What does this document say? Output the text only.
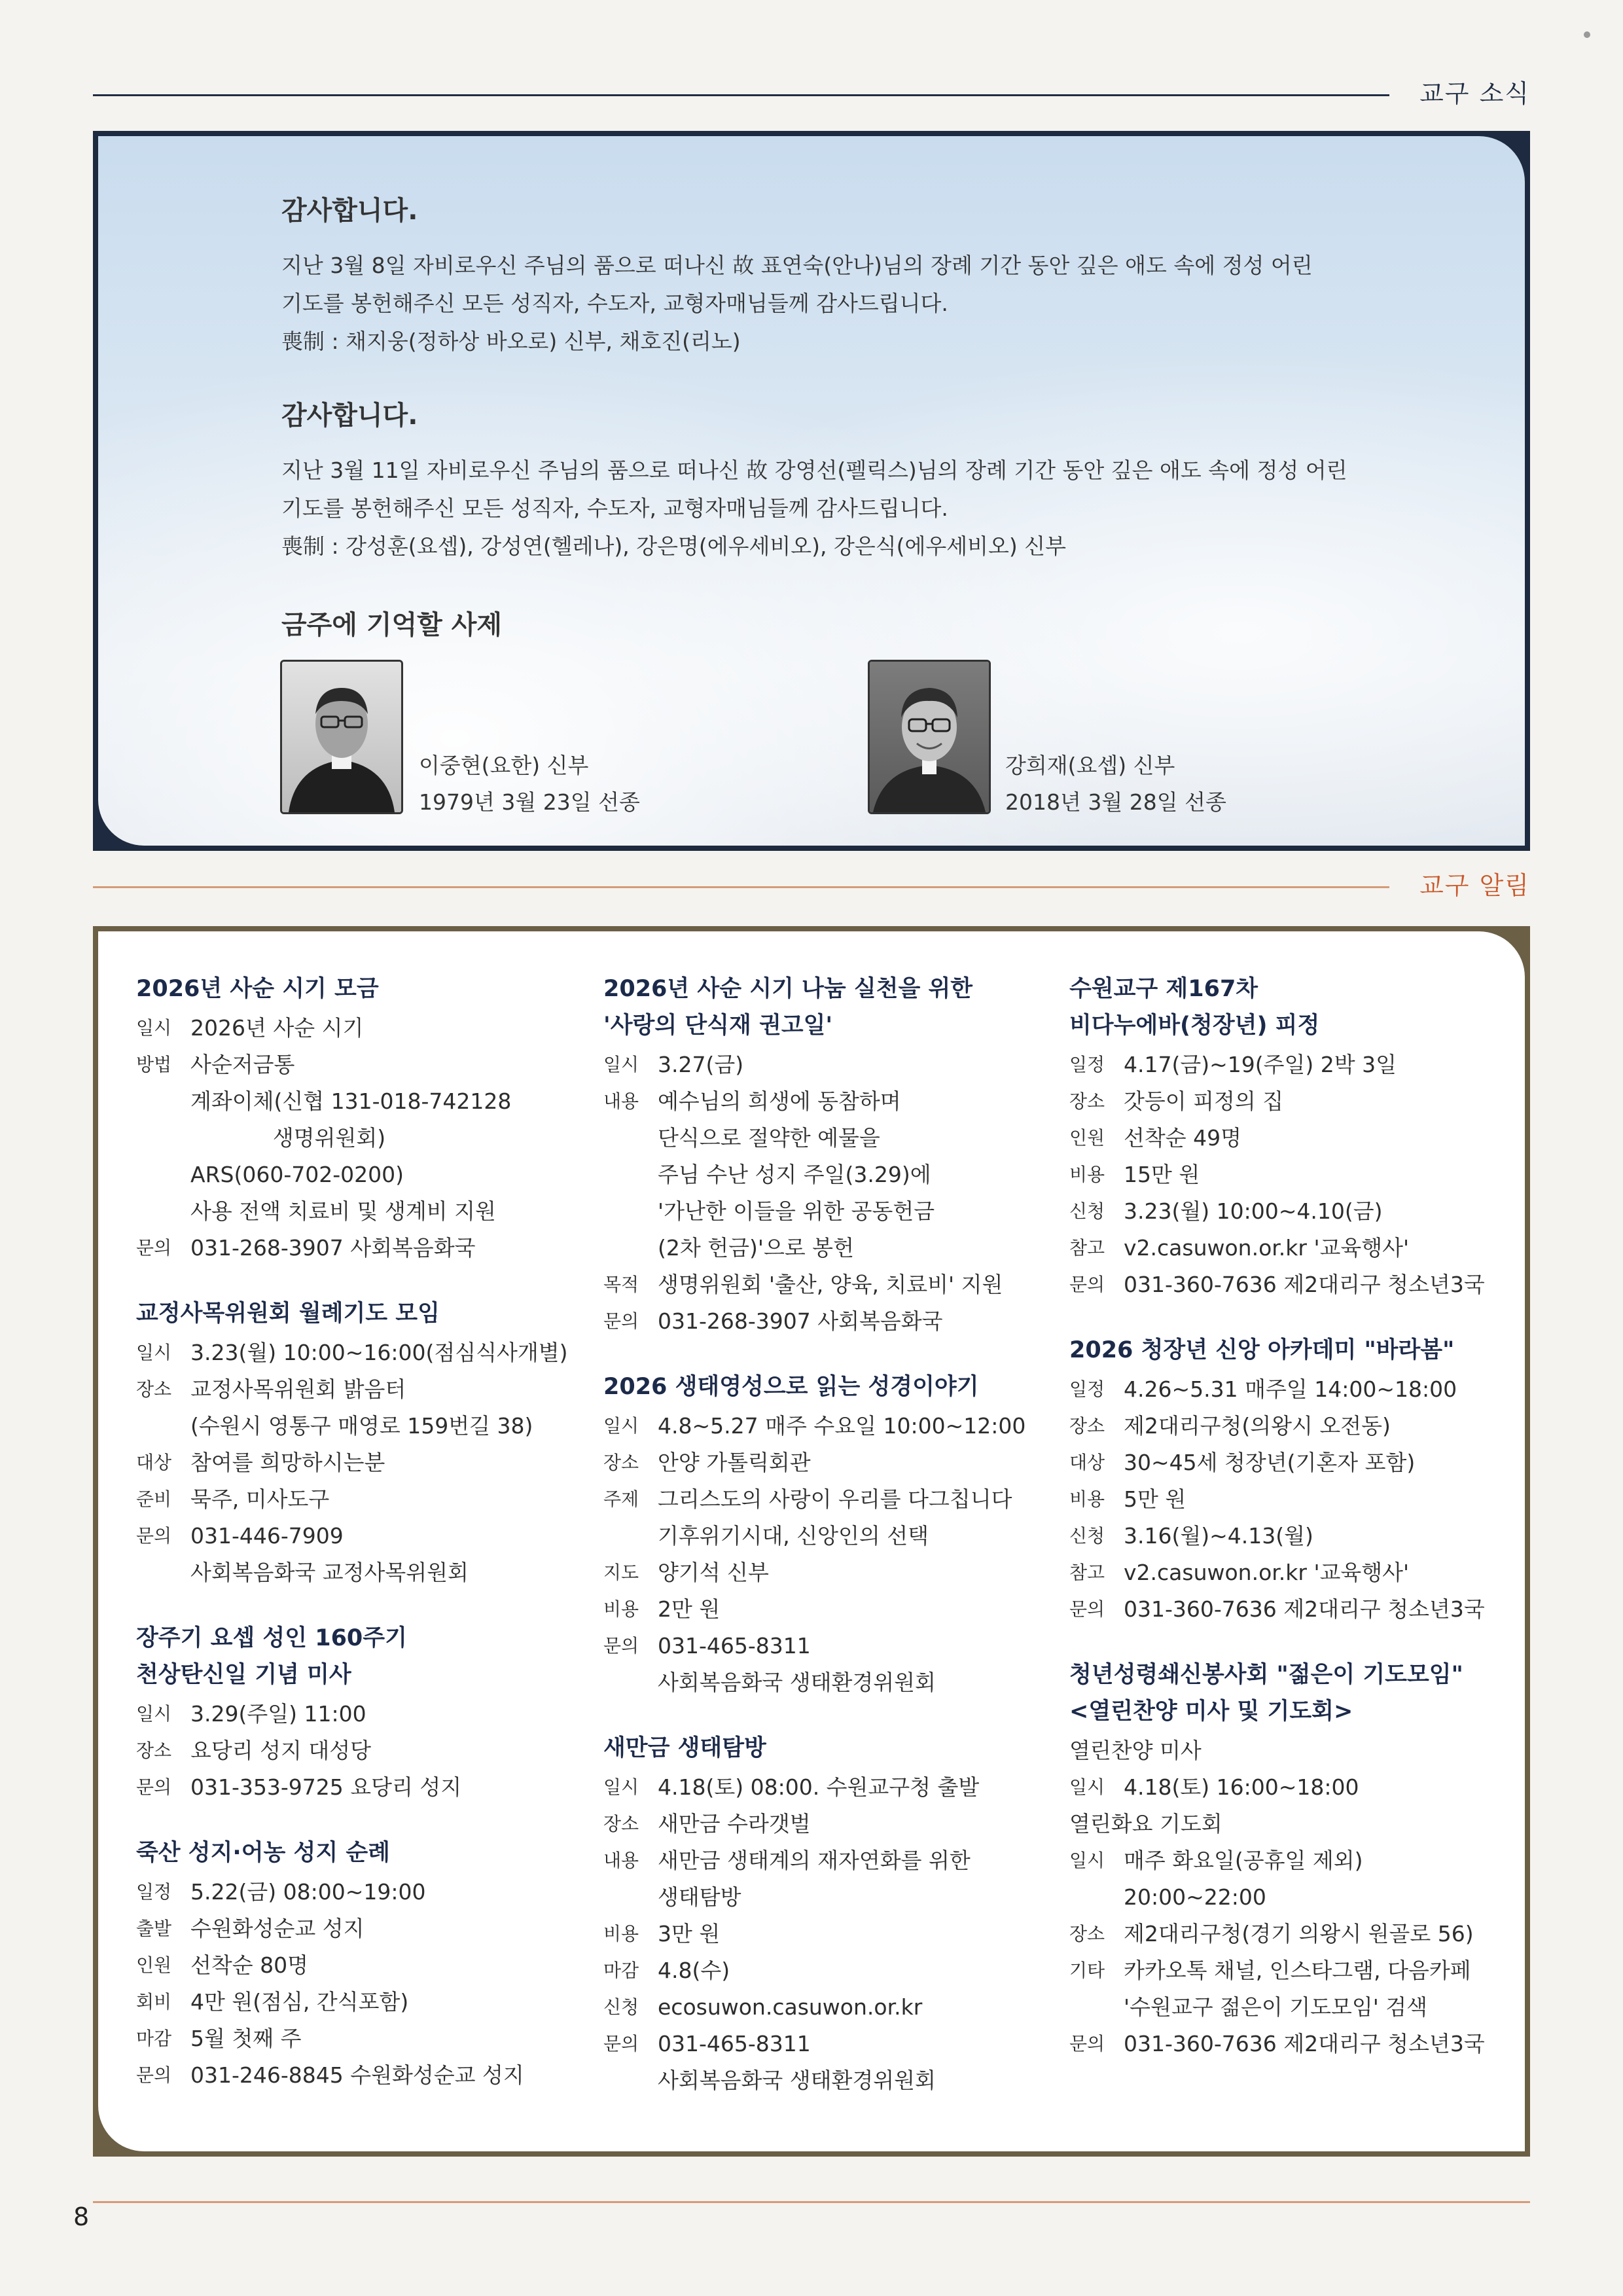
교구 소식
감사합니다.
지난 3월 8일 자비로우신 주님의 품으로 떠나신 故 표연숙(안나)님의 장례 기간 동안 깊은 애도 속에 정성 어린
기도를 봉헌해주신 모든 성직자, 수도자, 교형자매님들께 감사드립니다.
喪制 : 채지웅(정하상 바오로) 신부, 채호진(리노)
감사합니다.
지난 3월 11일 자비로우신 주님의 품으로 떠나신 故 강영선(펠릭스)님의 장례 기간 동안 깊은 애도 속에 정성 어린
기도를 봉헌해주신 모든 성직자, 수도자, 교형자매님들께 감사드립니다.
喪制 : 강성훈(요셉), 강성연(헬레나), 강은명(에우세비오), 강은식(에우세비오) 신부
금주에 기억할 사제
이중현(요한) 신부
1979년 3월 23일 선종
강희재(요셉) 신부
2018년 3월 28일 선종
교구 알림
2026년 사순 시기 모금
일시 2026년 사순 시기
방법 사순저금통
계좌이체(신협 131-018-742128
생명위원회)
ARS(060-702-0200)
사용 전액 치료비 및 생계비 지원
문의 031-268-3907 사회복음화국
교정사목위원회 월례기도 모임
일시 3.23(월) 10:00~16:00(점심식사개별)
장소 교정사목위원회 밝음터
(수원시 영통구 매영로 159번길 38)
대상 참여를 희망하시는분
준비 묵주, 미사도구
문의 031-446-7909
사회복음화국 교정사목위원회
장주기 요셉 성인 160주기
천상탄신일 기념 미사
일시 3.29(주일) 11:00
장소 요당리 성지 대성당
문의 031-353-9725 요당리 성지
죽산 성지·어농 성지 순례
일정 5.22(금) 08:00~19:00
출발 수원화성순교 성지
인원 선착순 80명
회비 4만 원(점심, 간식포함)
마감 5월 첫째 주
문의 031-246-8845 수원화성순교 성지
2026년 사순 시기 나눔 실천을 위한
'사랑의 단식재 권고일'
일시 3.27(금)
내용 예수님의 희생에 동참하며
단식으로 절약한 예물을
주님 수난 성지 주일(3.29)에
'가난한 이들을 위한 공동헌금
(2차 헌금)'으로 봉헌
목적 생명위원회 '출산, 양육, 치료비' 지원
문의 031-268-3907 사회복음화국
2026 생태영성으로 읽는 성경이야기
일시 4.8~5.27 매주 수요일 10:00~12:00
장소 안양 가톨릭회관
주제 그리스도의 사랑이 우리를 다그칩니다
기후위기시대, 신앙인의 선택
지도 양기석 신부
비용 2만 원
문의 031-465-8311
사회복음화국 생태환경위원회
새만금 생태탐방
일시 4.18(토) 08:00. 수원교구청 출발
장소 새만금 수라갯벌
내용 새만금 생태계의 재자연화를 위한
생태탐방
비용 3만 원
마감 4.8(수)
신청 ecosuwon.casuwon.or.kr
문의 031-465-8311
사회복음화국 생태환경위원회
수원교구 제167차
비다누에바(청장년) 피정
일정 4.17(금)~19(주일) 2박 3일
장소 갓등이 피정의 집
인원 선착순 49명
비용 15만 원
신청 3.23(월) 10:00~4.10(금)
참고 v2.casuwon.or.kr '교육행사'
문의 031-360-7636 제2대리구 청소년3국
2026 청장년 신앙 아카데미 "바라봄"
일정 4.26~5.31 매주일 14:00~18:00
장소 제2대리구청(의왕시 오전동)
대상 30~45세 청장년(기혼자 포함)
비용 5만 원
신청 3.16(월)~4.13(월)
참고 v2.casuwon.or.kr '교육행사'
문의 031-360-7636 제2대리구 청소년3국
청년성령쇄신봉사회 "젊은이 기도모임"
<열린찬양 미사 및 기도회>
열린찬양 미사
일시 4.18(토) 16:00~18:00
열린화요 기도회
일시 매주 화요일(공휴일 제외)
20:00~22:00
장소 제2대리구청(경기 의왕시 원골로 56)
기타 카카오톡 채널, 인스타그램, 다음카페
'수원교구 젊은이 기도모임' 검색
문의 031-360-7636 제2대리구 청소년3국
8
